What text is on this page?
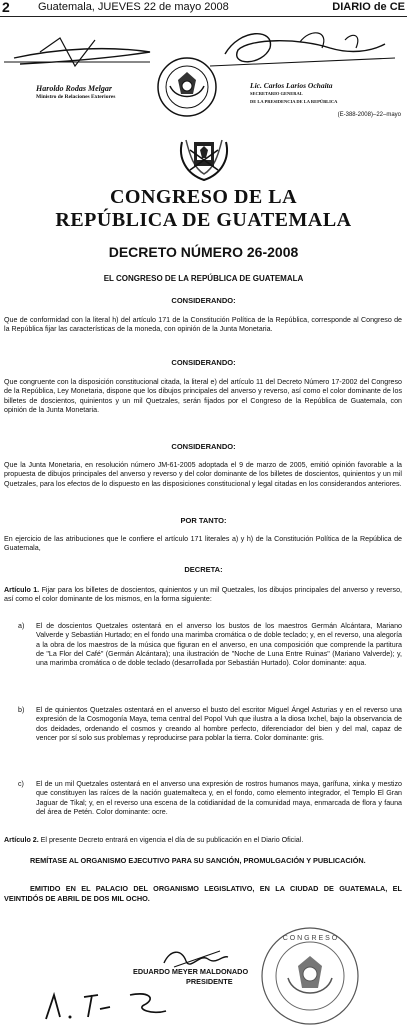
2	Guatemala, JUEVES 22 de mayo 2008	DIARIO de CE
Haroldo Rodas Melgar
Ministro de Relaciones Exteriores
Lic. Carlos Larios Ochaita
SECRETARIO GENERAL
DE LA PRESIDENCIA DE LA REPÚBLICA
(E-388-2008)–22–mayo
CONGRESO DE LA
REPÚBLICA DE GUATEMALA
DECRETO NÚMERO 26-2008
EL CONGRESO DE LA REPÚBLICA DE GUATEMALA
CONSIDERANDO:
Que de conformidad con la literal h) del artículo 171 de la Constitución Política de la República, corresponde al Congreso de la República fijar las características de la moneda, con opinión de la Junta Monetaria.
CONSIDERANDO:
Que congruente con la disposición constitucional citada, la literal e) del artículo 11 del Decreto Número 17-2002 del Congreso de la República, Ley Monetaria, dispone que los dibujos principales del anverso y reverso, así como el color dominante de los billetes de doscientos, quinientos y un mil Quetzales, serán fijados por el Congreso de la República de Guatemala, con opinión de la Junta Monetaria.
CONSIDERANDO:
Que la Junta Monetaria, en resolución número JM-61-2005 adoptada el 9 de marzo de 2005, emitió opinión favorable a la propuesta de dibujos principales del anverso y reverso y del color dominante de los billetes de doscientos, quinientos y un mil Quetzales, para los efectos de lo dispuesto en las disposiciones constitucional y legal citadas en los considerandos anteriores.
POR TANTO:
En ejercicio de las atribuciones que le confiere el artículo 171 literales a) y h) de la Constitución Política de la República de Guatemala,
DECRETA:
Artículo 1. Fijar para los billetes de doscientos, quinientos y un mil Quetzales, los dibujos principales del anverso y reverso, así como el color dominante de los mismos, en la forma siguiente:
a) El de doscientos Quetzales ostentará en el anverso los bustos de los maestros Germán Alcántara, Mariano Valverde y Sebastián Hurtado; en el fondo una marimba cromática o de doble teclado; y, en el reverso, una alegoría a la obra de los maestros de la música que figuran en el anverso, en una composición que comprende la partitura de "La Flor del Café" (Germán Alcántara); una ilustración de "Noche de Luna Entre Ruinas" (Mariano Valverde); y, una marimba cromática o de doble teclado (desarrollada por Sebastián Hurtado). Color dominante: aqua.
b) El de quinientos Quetzales ostentará en el anverso el busto del escritor Miguel Ángel Asturias y en el reverso una expresión de la Cosmogonía Maya, tema central del Popol Vuh que ilustra a la diosa Ixchel, bajo la observancia de dos deidades, ordenando el cosmos y creando al hombre perfecto, diferenciador del bien y del mal, capaz de vencer por sí solo sus problemas y reproducirse para poblar la tierra. Color dominante: gris.
c) El de un mil Quetzales ostentará en el anverso una expresión de rostros humanos maya, garífuna, xinka y mestizo que constituyen las raíces de la nación guatemalteca y, en el fondo, como elemento integrador, el Templo El Gran Jaguar de Tikal; y, en el reverso una escena de la cotidianidad de la comunidad maya, enmarcada de flora y fauna del área de Petén. Color dominante: ocre.
Artículo 2. El presente Decreto entrará en vigencia el día de su publicación en el Diario Oficial.
REMÍTASE AL ORGANISMO EJECUTIVO PARA SU SANCIÓN, PROMULGACIÓN Y PUBLICACIÓN.
EMITIDO EN EL PALACIO DEL ORGANISMO LEGISLATIVO, EN LA CIUDAD DE GUATEMALA, EL VEINTIDÓS DE ABRIL DE DOS MIL OCHO.
EDUARDO MEYER MALDONADO
PRESIDENTE
C O N G R E S O
